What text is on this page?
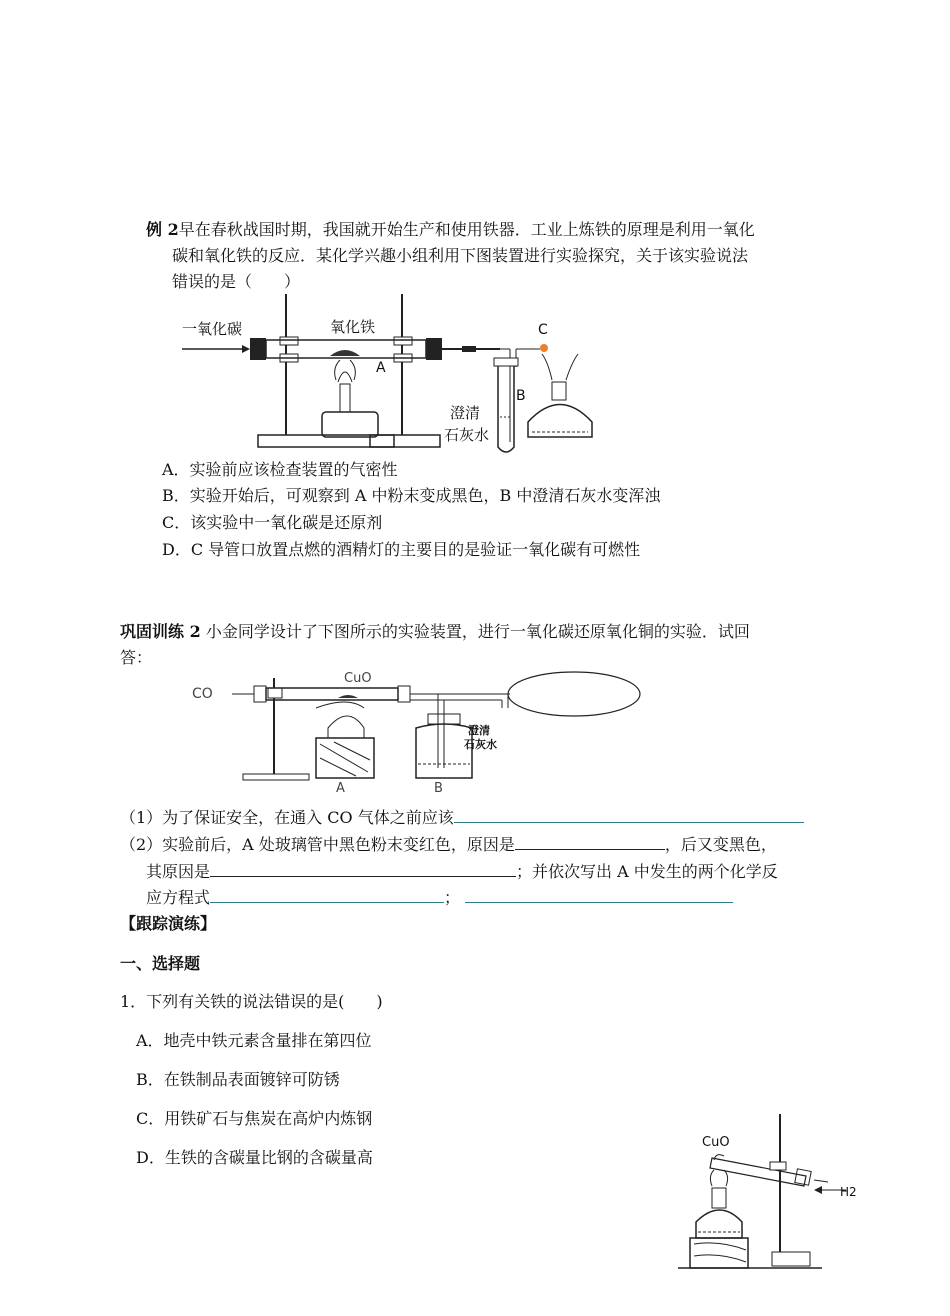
例 2早在春秋战国时期，我国就开始生产和使用铁器．工业上炼铁的原理是利用一氧化
碳和氧化铁的反应．某化学兴趣小组利用下图装置进行实验探究，关于该实验说法
错误的是（　　）
一氧化碳	氧化铁
A
B
C
澄清
石灰水
A．实验前应该检查装置的气密性
B．实验开始后，可观察到 A 中粉末变成黑色，B 中澄清石灰水变浑浊
C．该实验中一氧化碳是还原剂
D．C 导管口放置点燃的酒精灯的主要目的是验证一氧化碳有可燃性
巩固训练 2 小金同学设计了下图所示的实验装置，进行一氧化碳还原氧化铜的实验．试回
答：
CO
CuO
A	B
澄清
石灰水
（1）为了保证安全，在通入 CO 气体之前应该
（2）实验前后，A 处玻璃管中黑色粉末变红色，原因是	，后又变黑色，
其原因是	；并依次写出 A 中发生的两个化学反
应方程式	；
【跟踪演练】
一、选择题
1．下列有关铁的说法错误的是(　　)
A．地壳中铁元素含量排在第四位
B．在铁制品表面镀锌可防锈
C．用铁矿石与焦炭在高炉内炼钢
D．生铁的含碳量比钢的含碳量高
CuO
H2
